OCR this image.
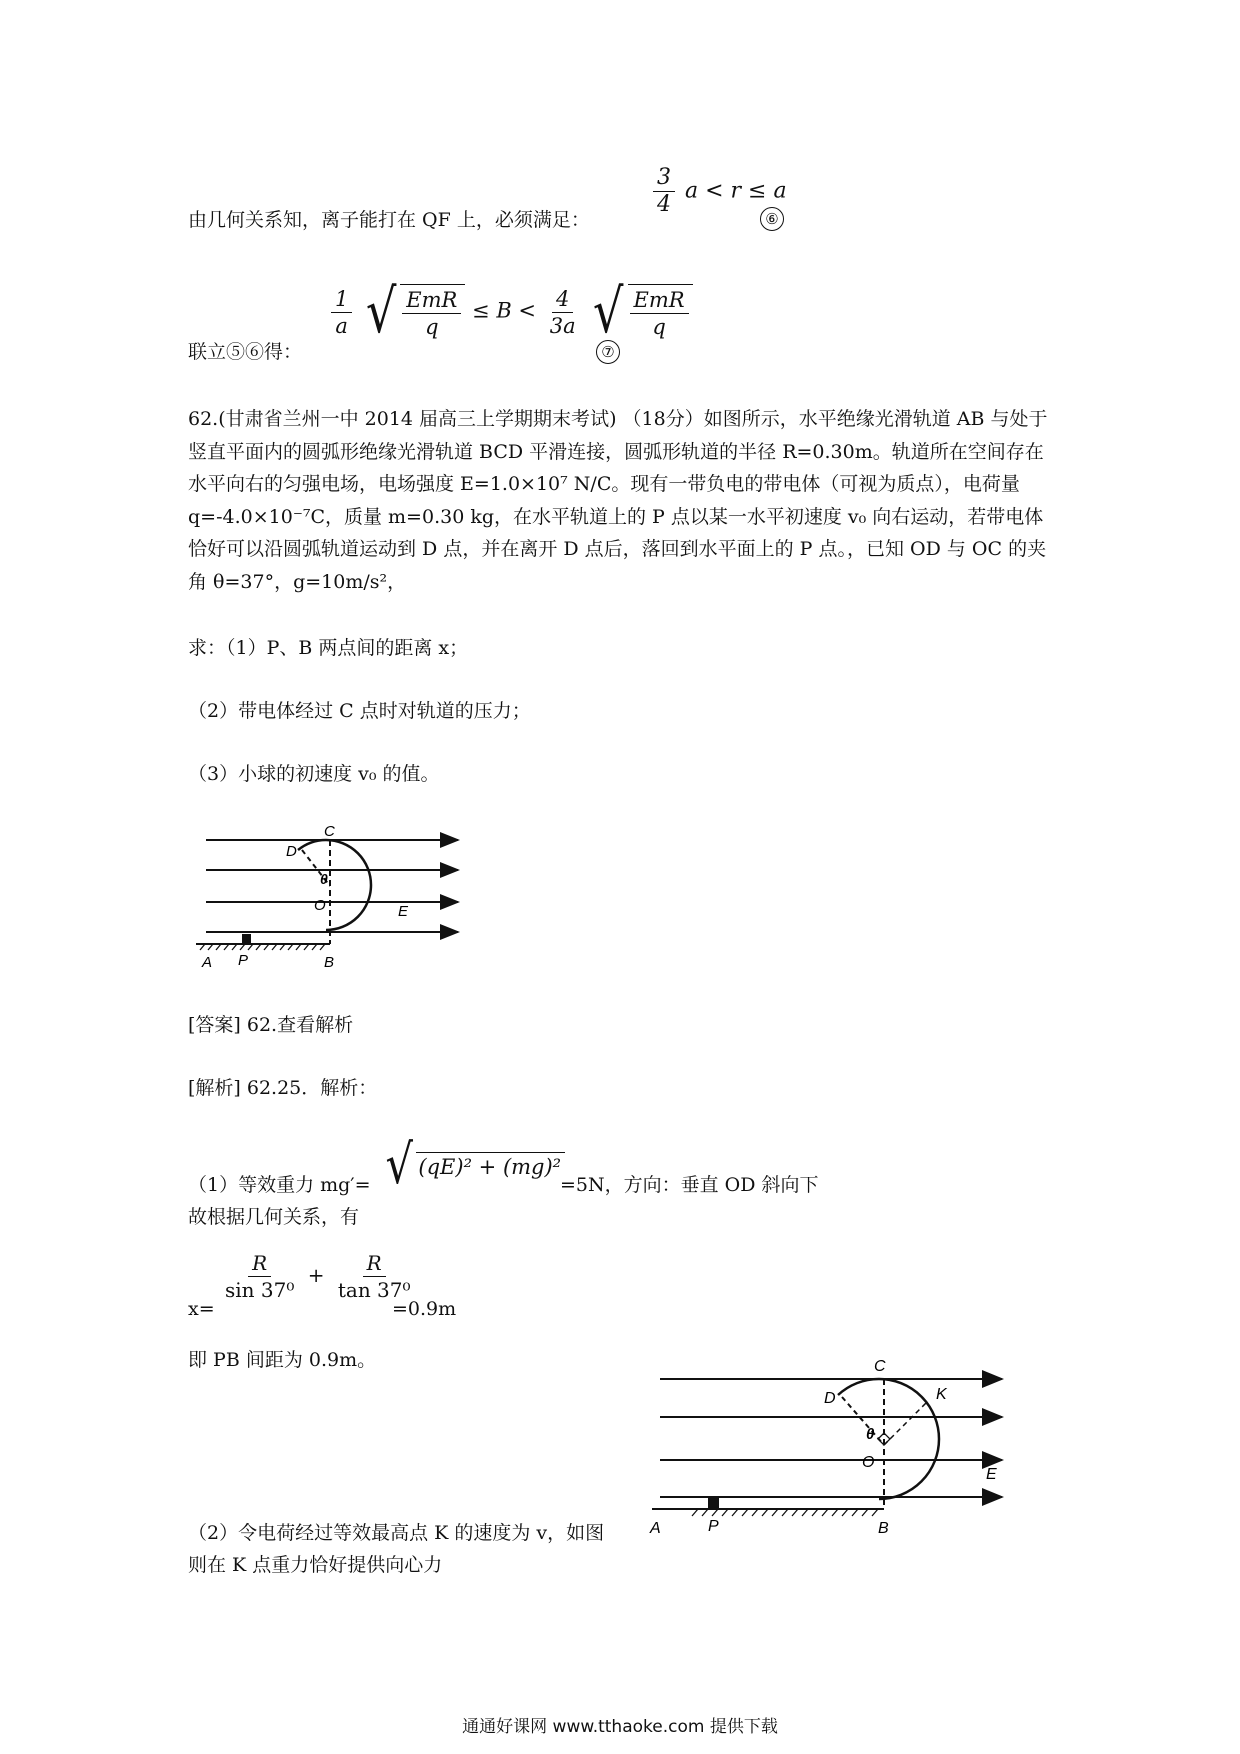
由几何关系知，离子能打在 QF 上，必须满足：
$\frac{3}{4}$ a < r ≤ a
⑥
联立⑤⑥得：
$\frac{1}{a}$
√ $\frac{\text{EmR}}{q} \le B < \frac{4}{3a}$
√ $\frac{\text{EmR}}{q}$
⑦
62.(甘肃省兰州一中 2014 届高三上学期期末考试) （18分）如图所示，水平绝缘光滑轨道 AB 与处于竖直平面内的圆弧形绝缘光滑轨道 BCD 平滑连接，圆弧形轨道的半径 R=0.30m。轨道所在空间存在水平向右的匀强电场，电场强度 E=1.0×10⁷ N/C。现有一带负电的带电体（可视为质点），电荷量 q=-4.0×10⁻⁷C，质量 m=0.30 kg，在水平轨道上的 P 点以某一水平初速度 v₀ 向右运动，若带电体恰好可以沿圆弧轨道运动到 D 点，并在离开 D 点后，落回到水平面上的 P 点。，已知 OD 与 OC 的夹角 θ=37°，g=10m/s²，
求：（1）P、B 两点间的距离 x；
（2）带电体经过 C 点时对轨道的压力；
（3）小球的初速度 v₀ 的值。
C
D
θ
O	E
A P	B
[答案] 62.查看解析
[解析] 62.25．解析：
（1）等效重力 mg′= √ (qE)² + (mg)²
=5N，方向：垂直 OD 斜向下
故根据几何关系，有
x=
$\frac{R}{\text{sin 37⁰}} + \frac{R}{\text{tan 37⁰}}$
=0.9m
即 PB 间距为 0.9m。	C
D	K
θ
O
E
A	P	B
（2）令电荷经过等效最高点 K 的速度为 v，如图
则在 K 点重力恰好提供向心力
通通好课网 www.tthaoke.com 提供下载
